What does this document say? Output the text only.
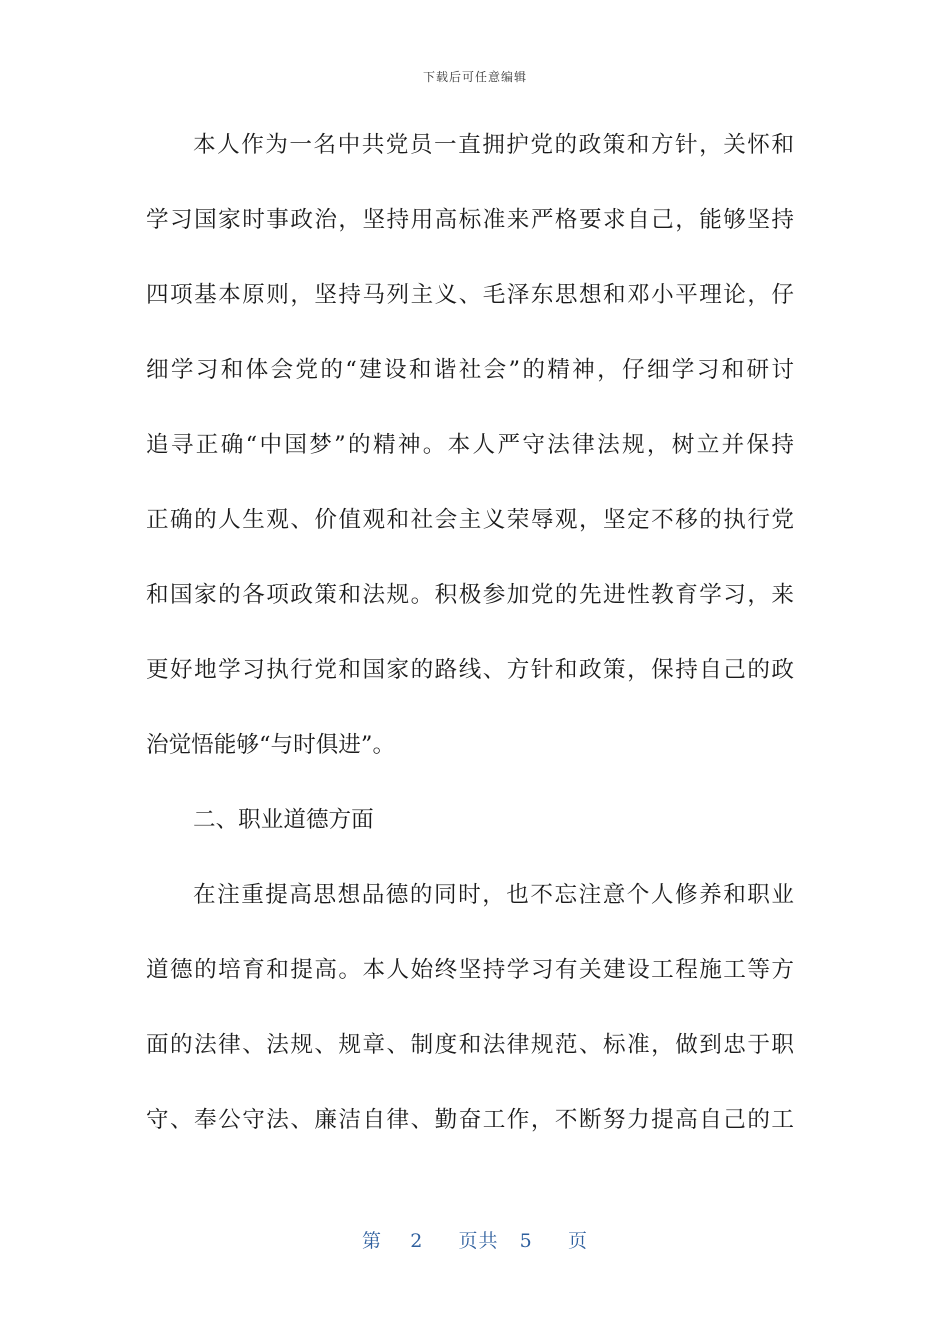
下载后可任意编辑
本人作为一名中共党员一直拥护党的政策和方针，关怀和
学习国家时事政治，坚持用高标准来严格要求自己，能够坚持
四项基本原则，坚持马列主义、毛泽东思想和邓小平理论，仔
细学习和体会党的“建设和谐社会”的精神，仔细学习和研讨
追寻正确“中国梦”的精神。本人严守法律法规，树立并保持
正确的人生观、价值观和社会主义荣辱观，坚定不移的执行党
和国家的各项政策和法规。积极参加党的先进性教育学习，来
更好地学习执行党和国家的路线、方针和政策，保持自己的政
治觉悟能够“与时俱进”。
二、职业道德方面
在注重提高思想品德的同时，也不忘注意个人修养和职业
道德的培育和提高。本人始终坚持学习有关建设工程施工等方
面的法律、法规、规章、制度和法律规范、标准，做到忠于职
守、奉公守法、廉洁自律、勤奋工作，不断努力提高自己的工
第 2 页共 5 页
